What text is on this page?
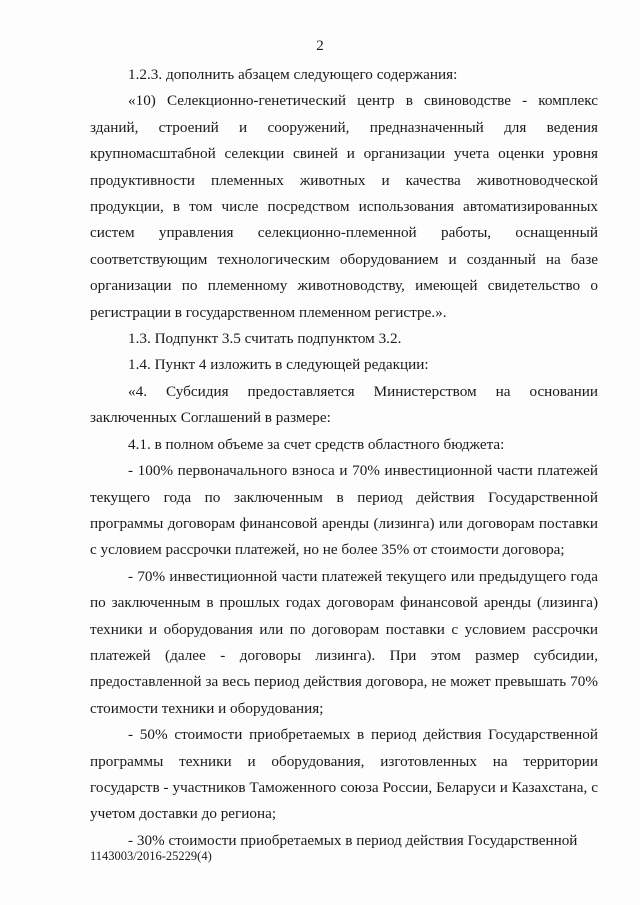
2

1.2.3. дополнить абзацем следующего содержания:

«10) Селекционно-генетический центр в свиноводстве - комплекс зданий, строений и сооружений, предназначенный для ведения крупномасштабной селекции свиней и организации учета оценки уровня продуктивности племенных животных и качества животноводческой продукции, в том числе посредством использования автоматизированных систем управления селекционно-племенной работы, оснащенный соответствующим технологическим оборудованием и созданный на базе организации по племенному животноводству, имеющей свидетельство о регистрации в государственном племенном регистре.».

1.3. Подпункт 3.5 считать подпунктом 3.2.

1.4. Пункт 4 изложить в следующей редакции:

«4. Субсидия предоставляется Министерством на основании заключенных Соглашений в размере:

4.1. в полном объеме за счет средств областного бюджета:

- 100% первоначального взноса и 70% инвестиционной части платежей текущего года по заключенным в период действия Государственной программы договорам финансовой аренды (лизинга) или договорам поставки с условием рассрочки платежей, но не более 35% от стоимости договора;

- 70% инвестиционной части платежей текущего или предыдущего года по заключенным в прошлых годах договорам финансовой аренды (лизинга) техники и оборудования или по договорам поставки с условием рассрочки платежей (далее - договоры лизинга). При этом размер субсидии, предоставленной за весь период действия договора, не может превышать 70% стоимости техники и оборудования;

- 50% стоимости приобретаемых в период действия Государственной программы техники и оборудования, изготовленных на территории государств - участников Таможенного союза России, Беларуси и Казахстана, с учетом доставки до региона;

- 30% стоимости приобретаемых в период действия Государственной

1143003/2016-25229(4)
